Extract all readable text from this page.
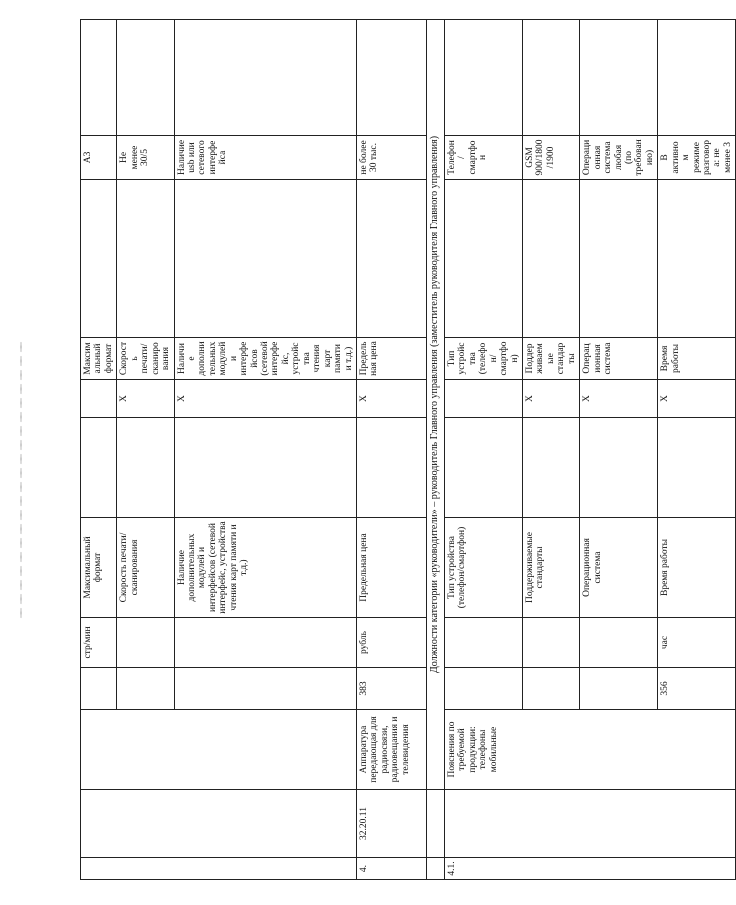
				стр/мин	Максимальный формат			Максимальный формат		А3	
					Скорость печати/сканирования		Х	Скорость печати/сканирования		Не менее 30/5	
					Наличие дополнительных модулей и интерфейсов (сетевой интерфейс, устройства чтения карт памяти и т.д.)		Х	Наличие дополнительных модулей и интерфейсов (сетевой интерфейс, устройства чтения карт памяти и т.д.)		Наличие usb или сетевого интерфейса	
4.	32.20.11	Аппаратура передающая для радиосвязи, радиовещания и телевидения	383	рубль	Предельная цена		Х	Предельная цена		не более 30 тыс.	
		Должности категории «руководители» – руководитель Главного управления (заместитель руководителя Главного управления)									
4.1.		Пояснения по требуемой продукции: телефоны мобильные			Тип устройства (телефон/смартфон)			Тип устройства (телефон/смартфон)		Телефон/смартфон	
					Поддерживаемые стандарты		Х	Поддерживаемые стандарты		GSM 900/1800/1900	
					Операционная система		Х	Операционная система		Операционная система любая (по требованию)	
			356	час	Время работы		Х	Время работы		В активном режиме разговора: не менее 3	
